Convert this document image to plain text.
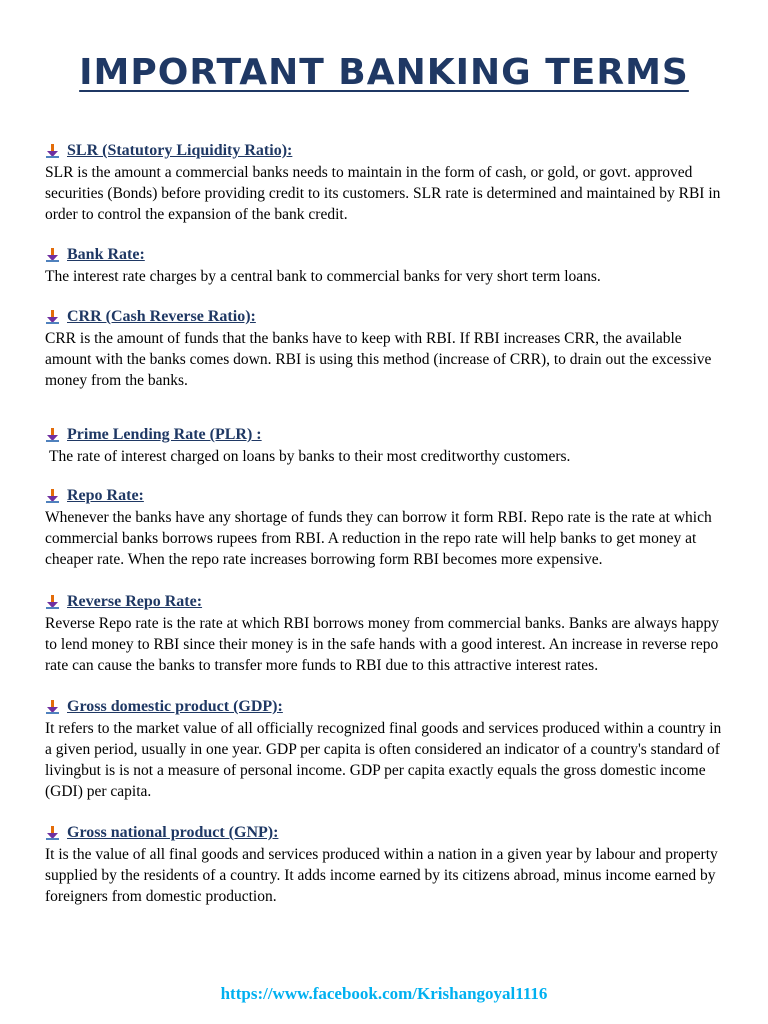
IMPORTANT BANKING TERMS
SLR (Statutory Liquidity Ratio):

SLR is the amount a commercial banks needs to maintain in the form of cash, or gold, or govt. approved securities (Bonds) before providing credit to its customers. SLR rate is determined and maintained by RBI in order to control the expansion of the bank credit.

Bank Rate:

The interest rate charges by a central bank to commercial banks for very short term loans.

CRR (Cash Reverse Ratio):

CRR is the amount of funds that the banks have to keep with RBI. If RBI increases CRR, the available amount with the banks comes down. RBI is using this method (increase of CRR), to drain out the excessive money from the banks.

Prime Lending Rate (PLR) :

The rate of interest charged on loans by banks to their most creditworthy customers.

Repo Rate:

Whenever the banks have any shortage of funds they can borrow it form RBI. Repo rate is the rate at which commercial banks borrows rupees from RBI. A reduction in the repo rate will help banks to get money at cheaper rate. When the repo rate increases borrowing form RBI becomes more expensive.

Reverse Repo Rate:

Reverse Repo rate is the rate at which RBI borrows money from commercial banks. Banks are always happy to lend money to RBI since their money is in the safe hands with a good interest. An increase in reverse repo rate can cause the banks to transfer more funds to RBI due to this attractive interest rates.

Gross domestic product (GDP):

It refers to the market value of all officially recognized final goods and services produced within a country in a given period, usually in one year. GDP per capita is often considered an indicator of a country's standard of livingbut is is not a measure of personal income. GDP per capita exactly equals the gross domestic income (GDI) per capita.

Gross national product (GNP):

It is the value of all final goods and services produced within a nation in a given year by labour and property supplied by the residents of a country. It adds income earned by its citizens abroad, minus income earned by foreigners from domestic production.

https://www.facebook.com/Krishangoyal1116
